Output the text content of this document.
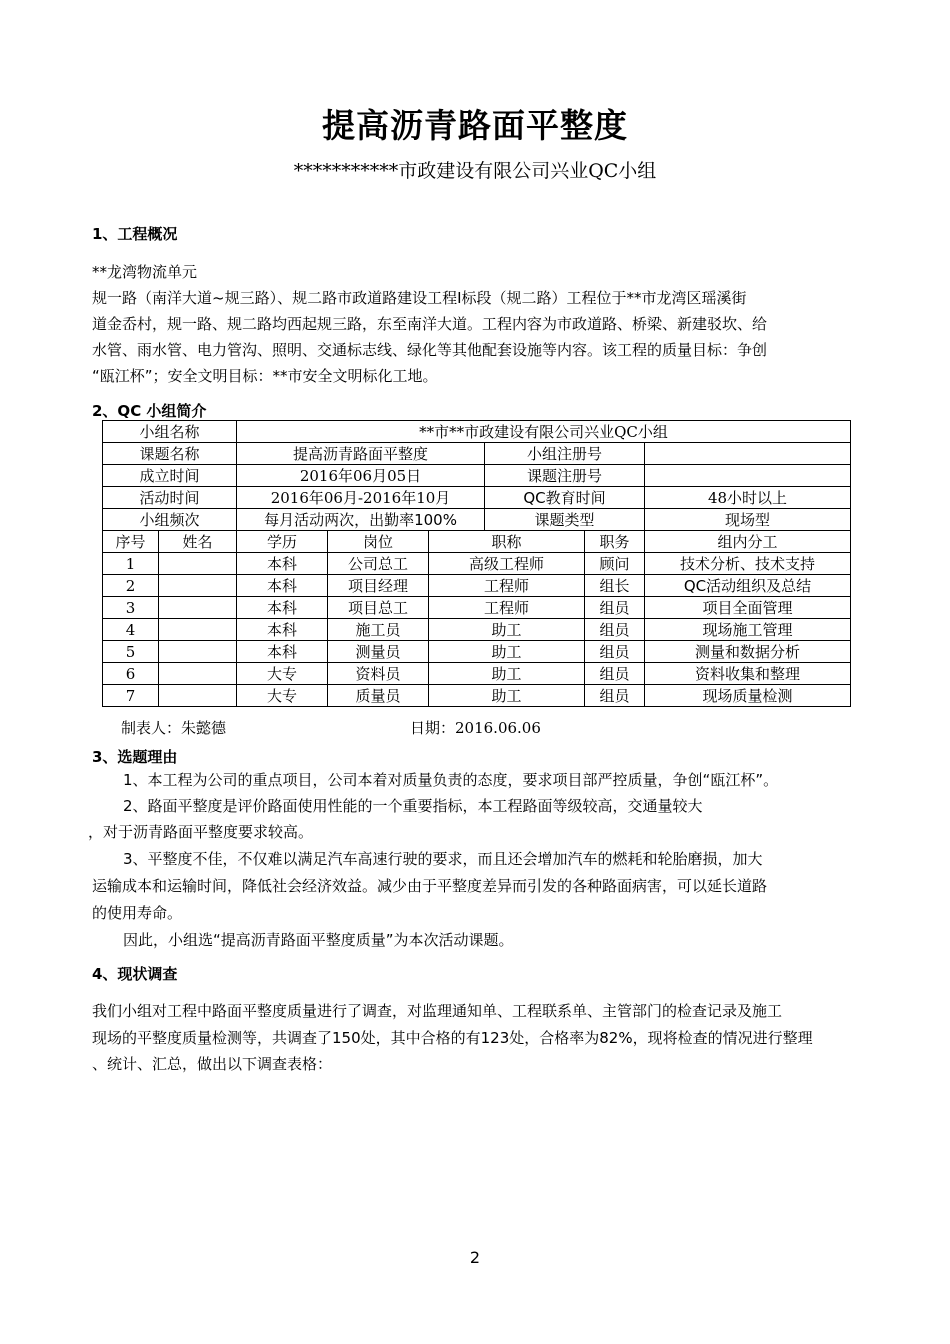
提高沥青路面平整度
***********市政建设有限公司兴业QC小组
1、工程概况
**龙湾物流单元
规一路（南洋大道~规三路）、规二路市政道路建设工程Ⅰ标段（规二路）工程位于**市龙湾区瑶溪街
道金岙村，规一路、规二路均西起规三路，东至南洋大道。工程内容为市政道路、桥梁、新建驳坎、给
水管、雨水管、电力管沟、照明、交通标志线、绿化等其他配套设施等内容。该工程的质量目标：争创
“瓯江杯”；安全文明目标：**市安全文明标化工地。
2、QC 小组简介
小组名称		**市**市政建设有限公司兴业QC小组					
课题名称		提高沥青路面平整度			小组注册号		
成立时间		2016年06月05日			课题注册号		
活动时间		2016年06月-2016年10月			QC教育时间		48小时以上
小组频次		每月活动两次，出勤率100%			课题类型		现场型
序号	姓名	学历	岗位	职称		职务	组内分工
1		本科	公司总工	高级工程师		顾问	技术分析、技术支持
2		本科	项目经理	工程师		组长	QC活动组织及总结
3		本科	项目总工	工程师		组员	项目全面管理
4		本科	施工员	助工		组员	现场施工管理
5		本科	测量员	助工		组员	测量和数据分析
6		大专	资料员	助工		组员	资料收集和整理
7		大专	质量员	助工		组员	现场质量检测
制表人：朱懿德	日期：2016.06.06
3、选题理由
1、本工程为公司的重点项目，公司本着对质量负责的态度，要求项目部严控质量，争创“瓯江杯”。
2、路面平整度是评价路面使用性能的一个重要指标，本工程路面等级较高，交通量较大
，对于沥青路面平整度要求较高。
3、平整度不佳，不仅难以满足汽车高速行驶的要求，而且还会增加汽车的燃耗和轮胎磨损，加大
运输成本和运输时间，降低社会经济效益。减少由于平整度差异而引发的各种路面病害，可以延长道路
的使用寿命。
因此，小组选“提高沥青路面平整度质量”为本次活动课题。
4、现状调查
我们小组对工程中路面平整度质量进行了调查，对监理通知单、工程联系单、主管部门的检查记录及施工
现场的平整度质量检测等，共调查了150处，其中合格的有123处，合格率为82%，现将检查的情况进行整理
、统计、汇总，做出以下调查表格：
2
